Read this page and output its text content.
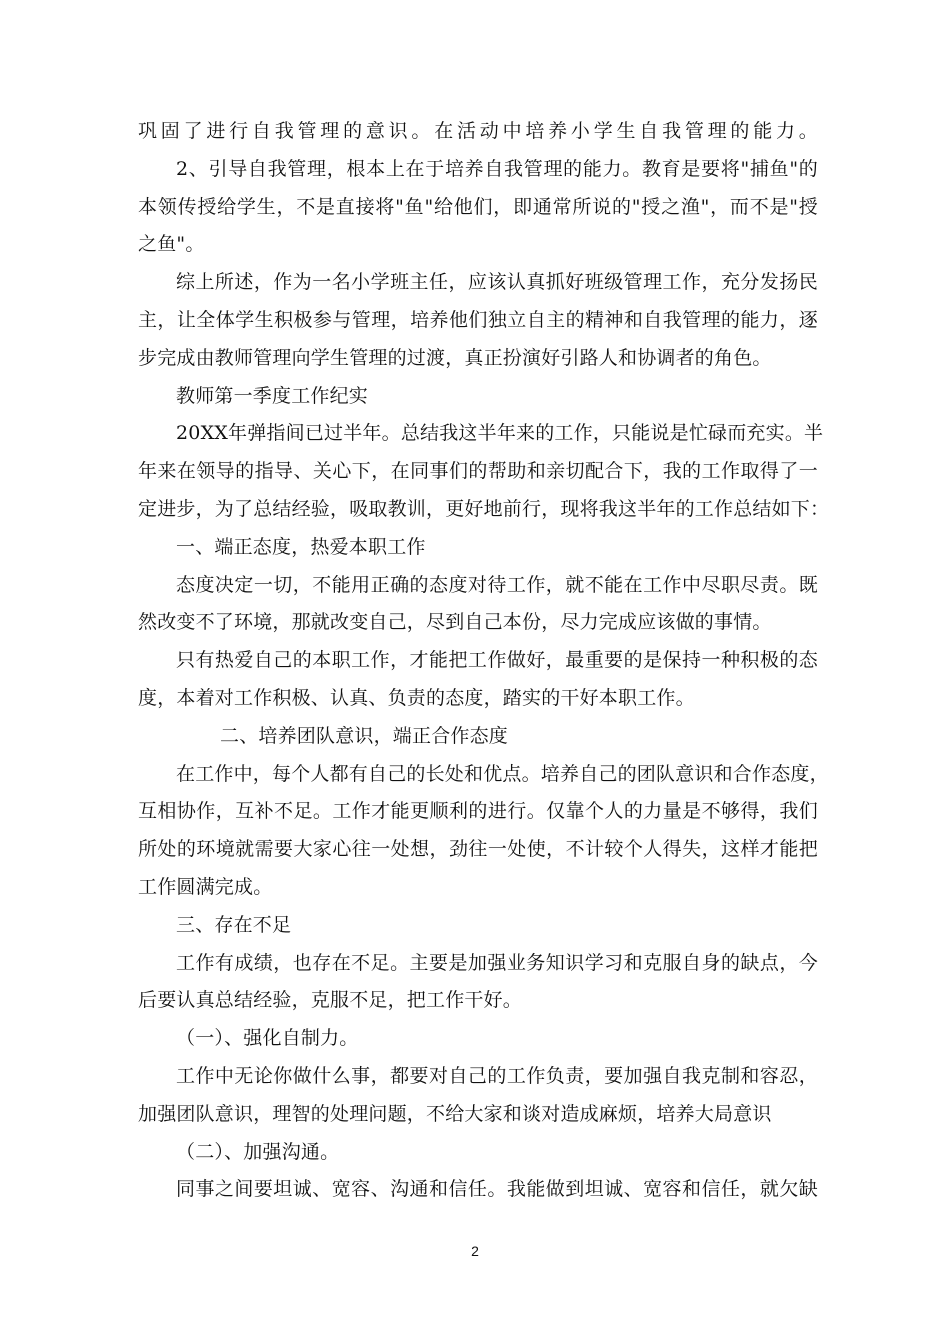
巩固了进行自我管理的意识。在活动中培养小学生自我管理的能力。
2、引导自我管理，根本上在于培养自我管理的能力。教育是要将"捕鱼"的
本领传授给学生，不是直接将"鱼"给他们，即通常所说的"授之渔"，而不是"授
之鱼"。
综上所述，作为一名小学班主任，应该认真抓好班级管理工作，充分发扬民
主，让全体学生积极参与管理，培养他们独立自主的精神和自我管理的能力，逐
步完成由教师管理向学生管理的过渡，真正扮演好引路人和协调者的角色。
教师第一季度工作纪实
20XX年弹指间已过半年。总结我这半年来的工作，只能说是忙碌而充实。半
年来在领导的指导、关心下，在同事们的帮助和亲切配合下，我的工作取得了一
定进步，为了总结经验，吸取教训，更好地前行，现将我这半年的工作总结如下：
一、端正态度，热爱本职工作
态度决定一切，不能用正确的态度对待工作，就不能在工作中尽职尽责。既
然改变不了环境，那就改变自己，尽到自己本份，尽力完成应该做的事情。
只有热爱自己的本职工作，才能把工作做好，最重要的是保持一种积极的态
度，本着对工作积极、认真、负责的态度，踏实的干好本职工作。
二、培养团队意识，端正合作态度
在工作中，每个人都有自己的长处和优点。培养自己的团队意识和合作态度，
互相协作，互补不足。工作才能更顺利的进行。仅靠个人的力量是不够得，我们
所处的环境就需要大家心往一处想，劲往一处使，不计较个人得失，这样才能把
工作圆满完成。
三、存在不足
工作有成绩，也存在不足。主要是加强业务知识学习和克服自身的缺点，今
后要认真总结经验，克服不足，把工作干好。
（一）、强化自制力。
工作中无论你做什么事，都要对自己的工作负责，要加强自我克制和容忍，
加强团队意识，理智的处理问题，不给大家和谈对造成麻烦，培养大局意识
（二）、加强沟通。
同事之间要坦诚、宽容、沟通和信任。我能做到坦诚、宽容和信任，就欠缺
2
